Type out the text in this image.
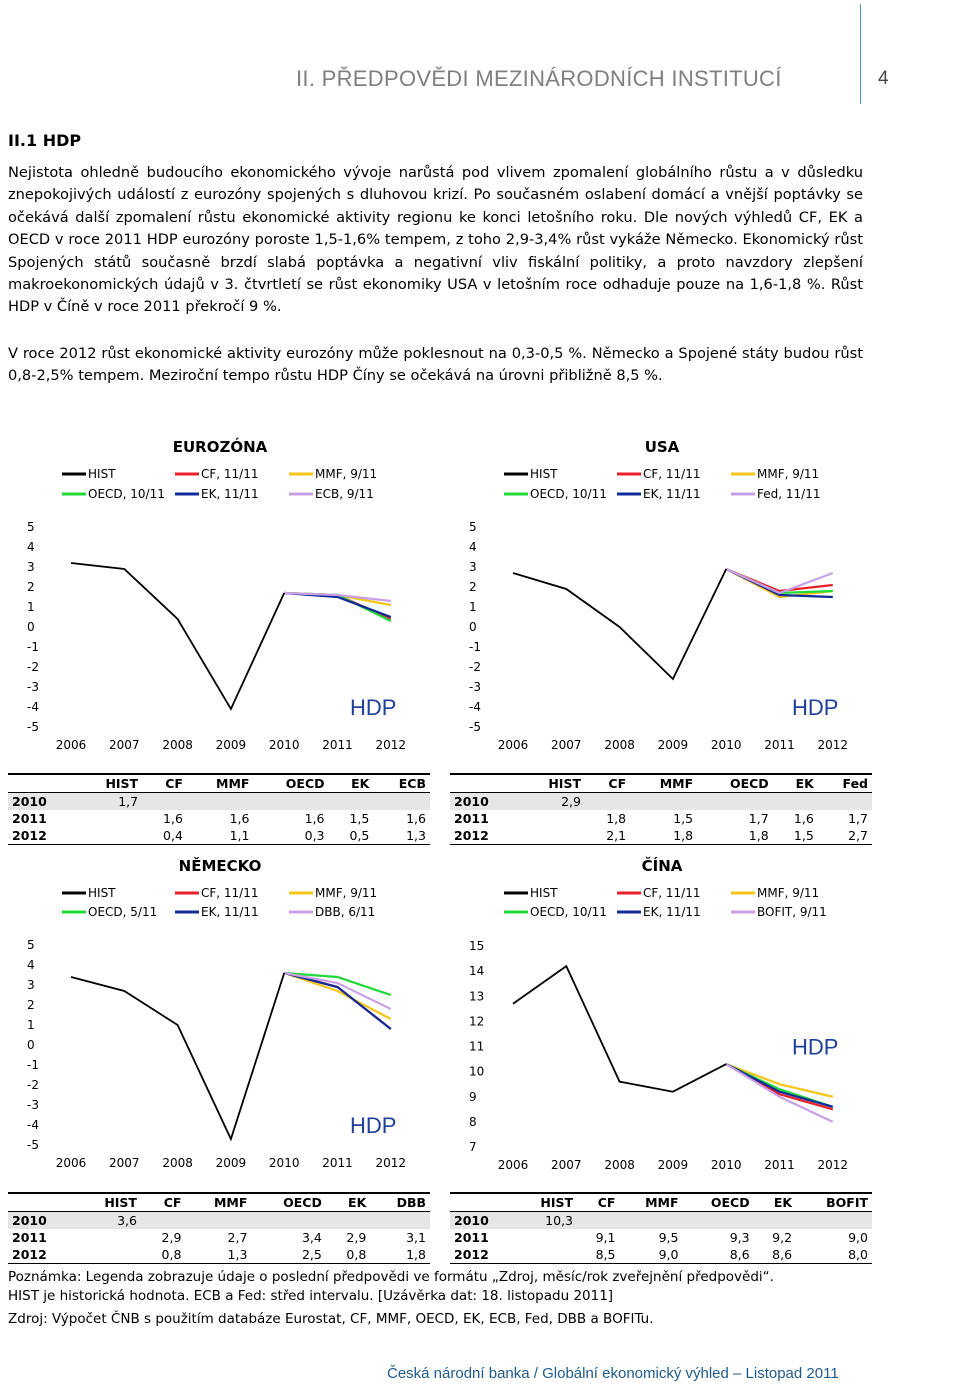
II. PŘEDPOVĚDI MEZINÁRODNÍCH INSTITUCÍ	4
II.1 HDP
Nejistota ohledně budoucího ekonomického vývoje narůstá pod vlivem zpomalení globálního růstu a v důsledku znepokojivých událostí z eurozóny spojených s dluhovou krizí. Po současném oslabení domácí a vnější poptávky se očekává další zpomalení růstu ekonomické aktivity regionu ke konci letošního roku. Dle nových výhledů CF, EK a OECD v roce 2011 HDP eurozóny poroste 1,5-1,6% tempem, z toho 2,9-3,4% růst vykáže Německo. Ekonomický růst Spojených států současně brzdí slabá poptávka a negativní vliv fiskální politiky, a proto navzdory zlepšení makroekonomických údajů v 3. čtvrtletí se růst ekonomiky USA v letošním roce odhaduje pouze na 1,6-1,8 %. Růst HDP v Číně v roce 2011 překročí 9 %.
V roce 2012 růst ekonomické aktivity eurozóny může poklesnout na 0,3-0,5 %. Německo a Spojené státy budou růst 0,8-2,5% tempem. Meziroční tempo růstu HDP Číny se očekává na úrovni přibližně 8,5 %.
EUROZÓNA
HIST	CF, 11/11	MMF, 9/11
OECD, 10/11	EK, 11/11	ECB, 9/11
5
4
3
2
1
0
-1
-2
-3
-4
-5
2006 2007 2008 2009 2010 2011 2012
HDP
USA
HIST	CF, 11/11	MMF, 9/11
OECD, 10/11	EK, 11/11	Fed, 11/11
5
4
3
2
1
0
-1
-2
-3
-4
-5
2006 2007 2008 2009 2010 2011 2012
HDP
NĚMECKO
HIST	CF, 11/11	MMF, 9/11
OECD, 5/11	EK, 11/11	DBB, 6/11
5
4
3
2
1
0
-1
-2
-3
-4
-5
2006 2007 2008 2009 2010 2011 2012
HDP
ČÍNA
HIST	CF, 11/11	MMF, 9/11
OECD, 10/11	EK, 11/11	BOFIT, 9/11
15
14
13
12
11
10
9
8
7
2006 2007 2008 2009 2010 2011 2012
HDP
	HIST	CF	MMF	OECD	EK	ECB
2010	1,7					
2011		1,6	1,6	1,6	1,5	1,6
2012		0,4	1,1	0,3	0,5	1,3
	HIST	CF	MMF	OECD	EK	Fed
2010	2,9					
2011		1,8	1,5	1,7	1,6	1,7
2012		2,1	1,8	1,8	1,5	2,7
	HIST	CF	MMF	OECD	EK	DBB
2010	3,6					
2011		2,9	2,7	3,4	2,9	3,1
2012		0,8	1,3	2,5	0,8	1,8
	HIST	CF	MMF	OECD	EK	BOFIT
2010	10,3					
2011		9,1	9,5	9,3	9,2	9,0
2012		8,5	9,0	8,6	8,6	8,0
Poznámka: Legenda zobrazuje údaje o poslední předpovědi ve formátu „Zdroj, měsíc/rok zveřejnění předpovědi“.
HIST je historická hodnota. ECB a Fed: střed intervalu. [Uzávěrka dat: 18. listopadu 2011]
Zdroj: Výpočet ČNB s použitím databáze Eurostat, CF, MMF, OECD, EK, ECB, Fed, DBB a BOFITu.
Česká národní banka / Globální ekonomický výhled – Listopad 2011
